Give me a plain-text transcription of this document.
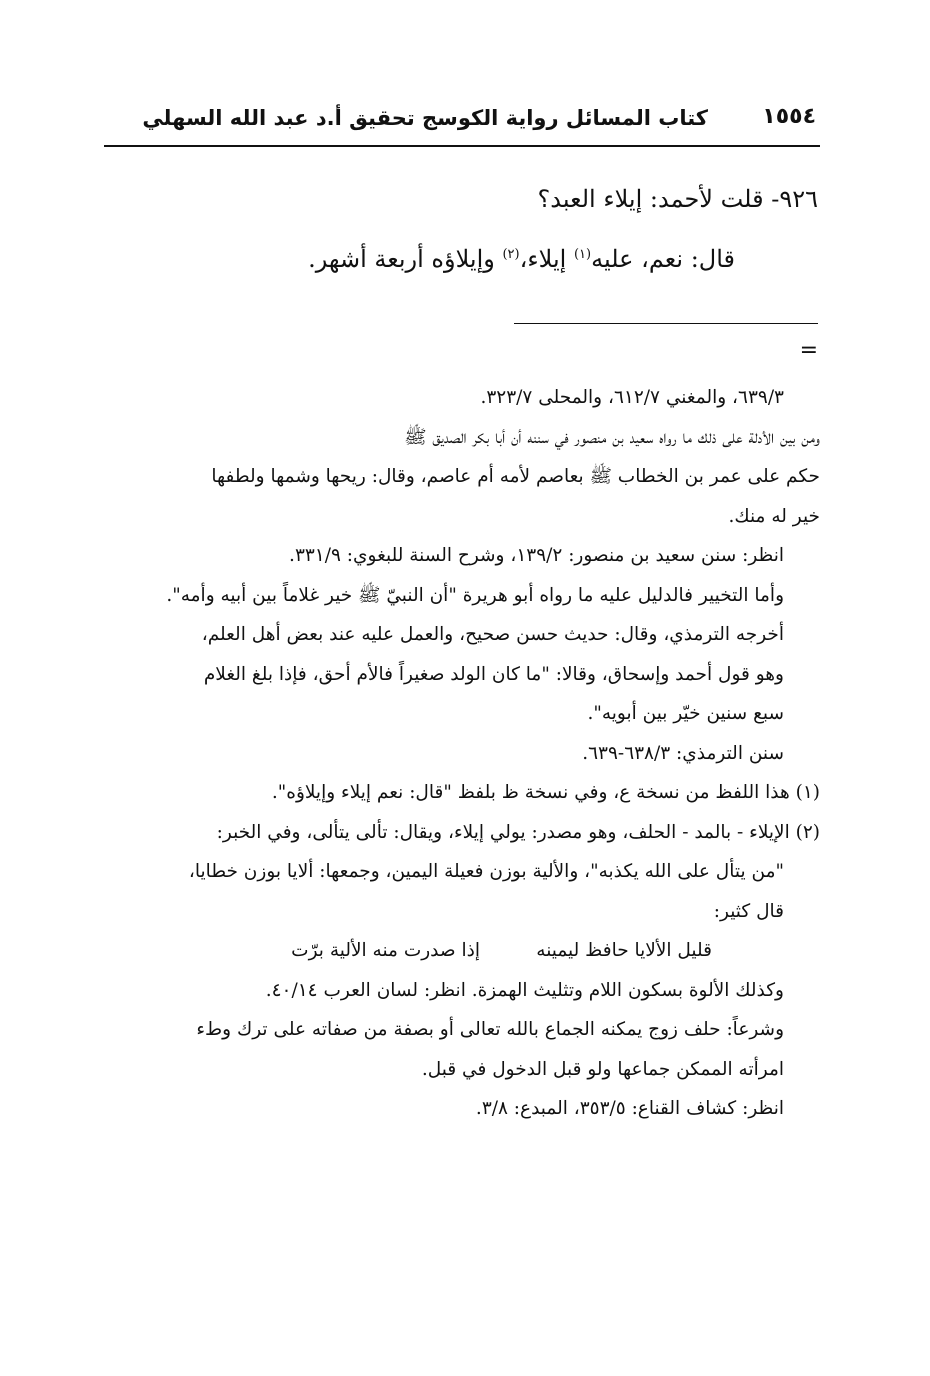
١٥٥٤
كتاب المسائل رواية الكوسج تحقيق أ.د عبد الله السهلي
٩٢٦- قلت لأحمد: إيلاء العبد؟
قال: نعم، عليه$^{(١)}$ إيلاء،$^{(٢)}$ وإيلاؤه أربعة أشهر.
=
٦٣٩/٣، والمغني ٦١٢/٧، والمحلى ٣٢٣/٧.
ومن بين الأدلة على ذلك ما رواه سعيد بن منصور في سننه أن أبا بكر الصديق ﷺ
حكم على عمر بن الخطاب ﷺ بعاصم لأمه أم عاصم، وقال: ريحها وشمها ولطفها
خير له منك.
انظر: سنن سعيد بن منصور: ١٣٩/٢، وشرح السنة للبغوي: ٣٣١/٩.
وأما التخيير فالدليل عليه ما رواه أبو هريرة "أن النبيّ ﷺ خير غلاماً بين أبيه وأمه".
أخرجه الترمذي، وقال: حديث حسن صحيح، والعمل عليه عند بعض أهل العلم،
وهو قول أحمد وإسحاق، وقالا: "ما كان الولد صغيراً فالأم أحق، فإذا بلغ الغلام
سبع سنين خيّر بين أبويه".
سنن الترمذي: ٦٣٨/٣-٦٣٩.
(١) هذا اللفظ من نسخة ع، وفي نسخة ظ بلفظ "قال: نعم إيلاء وإيلاؤه".
(٢) الإيلاء - بالمد - الحلف، وهو مصدر: يولي إيلاء، ويقال: تألى يتألى، وفي الخبر:
"من يتأل على الله يكذبه"، والألية بوزن فعيلة اليمين، وجمعها: ألايا بوزن خطايا،
قال كثير:
قليل الألايا حافظ ليمينه
إذا صدرت منه الألية برّت
وكذلك الألوة بسكون اللام وتثليث الهمزة. انظر: لسان العرب ٤٠/١٤.
وشرعاً: حلف زوج يمكنه الجماع بالله تعالى أو بصفة من صفاته على ترك وطء
امرأته الممكن جماعها ولو قبل الدخول في قبل.
انظر: كشاف القناع: ٣٥٣/٥، المبدع: ٣/٨.
